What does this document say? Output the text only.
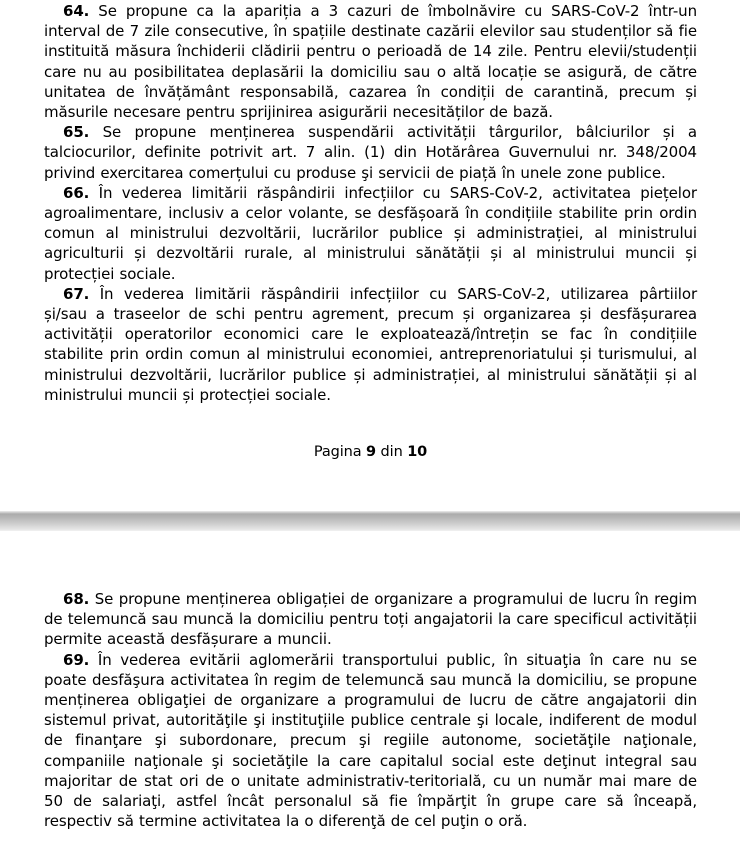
64. Se propune ca la apariția a 3 cazuri de îmbolnăvire cu SARS-CoV-2 într-un interval de 7 zile consecutive, în spațiile destinate cazării elevilor sau studenților să fie instituită măsura închiderii clădirii pentru o perioadă de 14 zile. Pentru elevii/studenții care nu au posibilitatea deplasării la domiciliu sau o altă locație se asigură, de către unitatea de învățământ responsabilă, cazarea în condiții de carantină, precum și măsurile necesare pentru sprijinirea asigurării necesităților de bază.

65. Se propune menținerea suspendării activității târgurilor, bâlciurilor și a talciocurilor, definite potrivit art. 7 alin. (1) din Hotărârea Guvernului nr. 348/2004 privind exercitarea comerțului cu produse şi servicii de piață în unele zone publice.

66. În vederea limitării răspândirii infecțiilor cu SARS-CoV-2, activitatea piețelor agroalimentare, inclusiv a celor volante, se desfășoară în condițiile stabilite prin ordin comun al ministrului dezvoltării, lucrărilor publice și administrației, al ministrului agriculturii și dezvoltării rurale, al ministrului sănătății și al ministrului muncii și protecției sociale.

67. În vederea limitării răspândirii infecțiilor cu SARS-CoV-2, utilizarea pârtiilor și/sau a traseelor de schi pentru agrement, precum și organizarea și desfășurarea activității operatorilor economici care le exploatează/întrețin se fac în condițiile stabilite prin ordin comun al ministrului economiei, antreprenoriatului și turismului, al ministrului dezvoltării, lucrărilor publice și administrației, al ministrului sănătății și al ministrului muncii și protecției sociale.

Pagina 9 din 10

68. Se propune menținerea obligației de organizare a programului de lucru în regim de telemuncă sau muncă la domiciliu pentru toți angajatorii la care specificul activității permite această desfășurare a muncii.

69. În vederea evitării aglomerării transportului public, în situaţia în care nu se poate desfăşura activitatea în regim de telemuncă sau muncă la domiciliu, se propune menținerea obligaţiei de organizare a programului de lucru de către angajatorii din sistemul privat, autorităţile şi instituţiile publice centrale şi locale, indiferent de modul de finanţare şi subordonare, precum şi regiile autonome, societăţile naţionale, companiile naţionale şi societăţile la care capitalul social este deţinut integral sau majoritar de stat ori de o unitate administrativ-teritorială, cu un număr mai mare de 50 de salariaţi, astfel încât personalul să fie împărţit în grupe care să înceapă, respectiv să termine activitatea la o diferenţă de cel puţin o oră.
